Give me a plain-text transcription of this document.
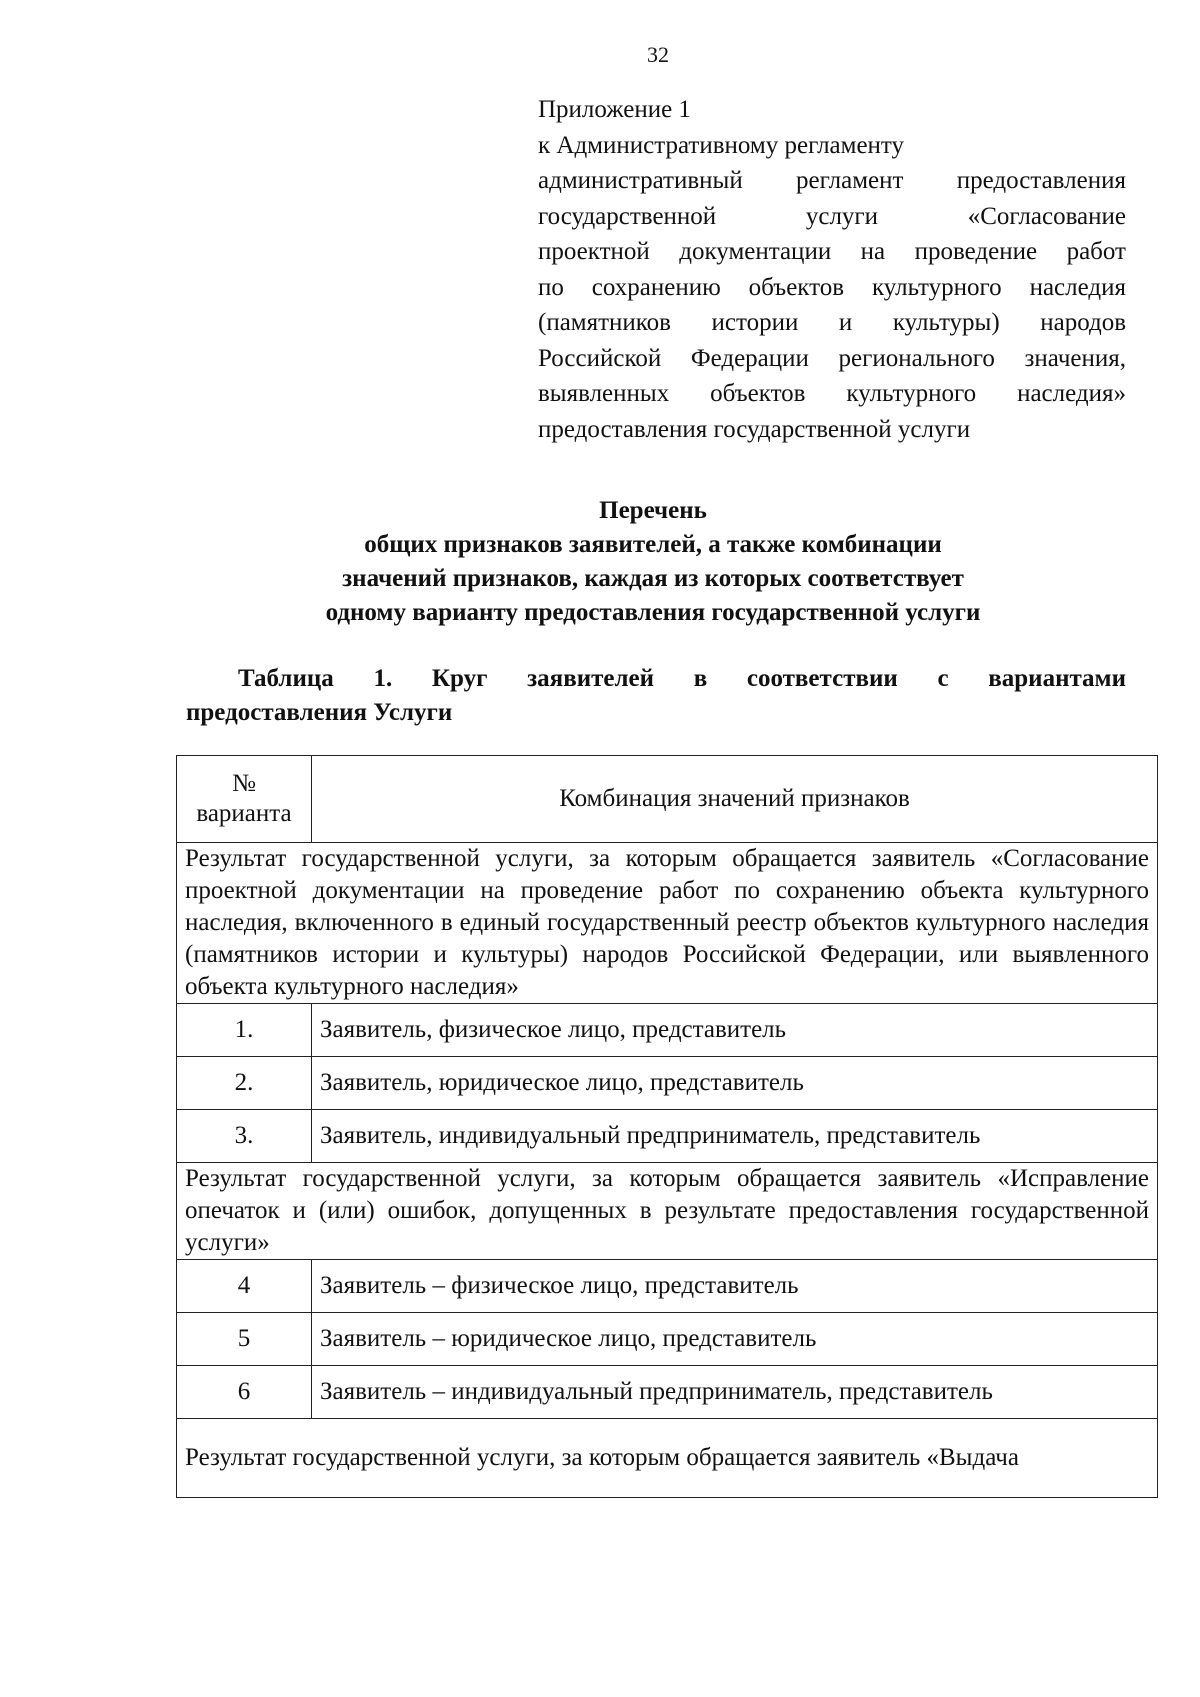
32
Приложение 1
к Административному регламенту
административный регламент предоставления
государственной услуги «Согласование
проектной документации на проведение работ
по сохранению объектов культурного наследия
(памятников истории и культуры) народов
Российской Федерации регионального значения,
выявленных объектов культурного наследия»
предоставления государственной услуги
Перечень
общих признаков заявителей, а также комбинации
значений признаков, каждая из которых соответствует
одному варианту предоставления государственной услуги
Таблица 1. Круг заявителей в соответствии с вариантами
предоставления Услуги
№
варианта	Комбинация значений признаков
Результат государственной услуги, за которым обращается заявитель «Согласование проектной документации на проведение работ по сохранению объекта культурного наследия, включенного в единый государственный реестр объектов культурного наследия (памятников истории и культуры) народов Российской Федерации, или выявленного объекта культурного наследия»	
1.	Заявитель, физическое лицо, представитель
2.	Заявитель, юридическое лицо, представитель
3.	Заявитель, индивидуальный предприниматель, представитель
Результат государственной услуги, за которым обращается заявитель «Исправление опечаток и (или) ошибок, допущенных в результате предоставления государственной услуги»	
4	Заявитель – физическое лицо, представитель
5	Заявитель – юридическое лицо, представитель
6	Заявитель – индивидуальный предприниматель, представитель
Результат государственной услуги, за которым обращается заявитель «Выдача	
